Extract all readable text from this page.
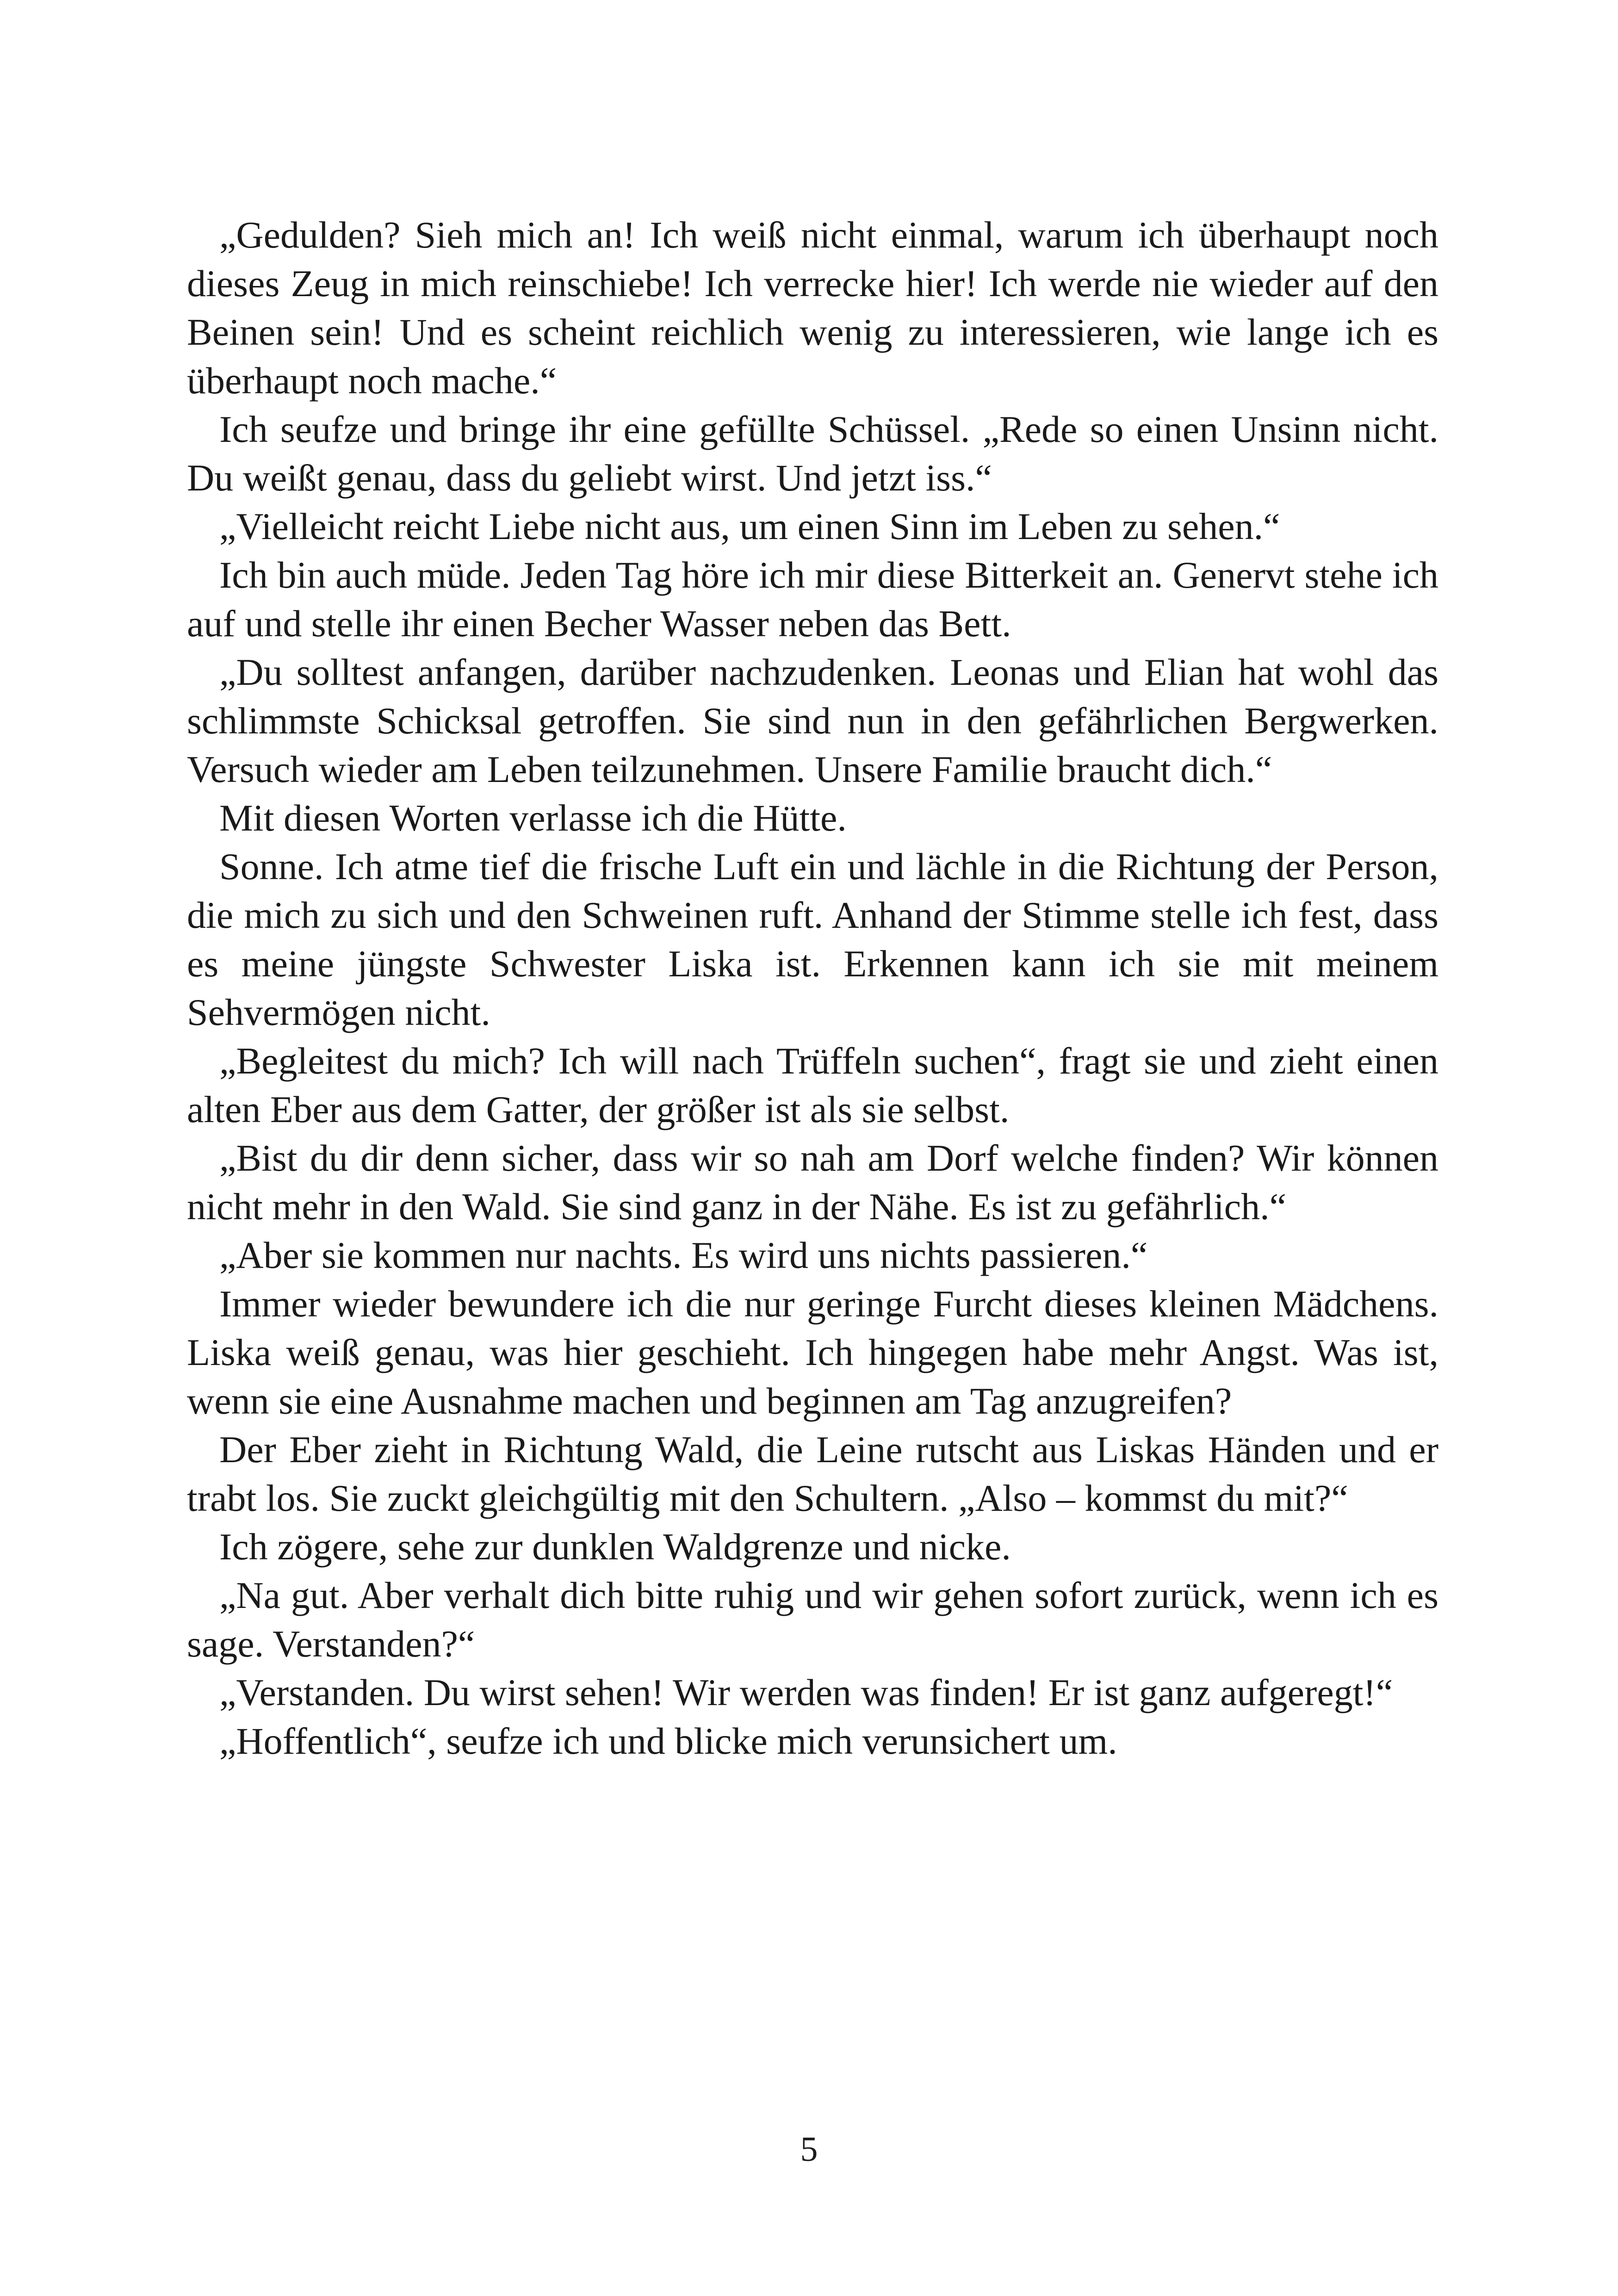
„Gedulden? Sieh mich an! Ich weiß nicht einmal, warum ich überhaupt noch dieses Zeug in mich reinschiebe! Ich verrecke hier! Ich werde nie wieder auf den Beinen sein! Und es scheint reichlich wenig zu interessieren, wie lange ich es überhaupt noch mache.“

Ich seufze und bringe ihr eine gefüllte Schüssel. „Rede so einen Unsinn nicht. Du weißt genau, dass du geliebt wirst. Und jetzt iss.“

„Vielleicht reicht Liebe nicht aus, um einen Sinn im Leben zu sehen.“

Ich bin auch müde. Jeden Tag höre ich mir diese Bitterkeit an. Genervt stehe ich auf und stelle ihr einen Becher Wasser neben das Bett.

„Du solltest anfangen, darüber nachzudenken. Leonas und Elian hat wohl das schlimmste Schicksal getroffen. Sie sind nun in den gefährlichen Bergwerken. Versuch wieder am Leben teilzunehmen. Unsere Familie braucht dich.“

Mit diesen Worten verlasse ich die Hütte.

Sonne. Ich atme tief die frische Luft ein und lächle in die Richtung der Person, die mich zu sich und den Schweinen ruft. Anhand der Stimme stelle ich fest, dass es meine jüngste Schwester Liska ist. Erkennen kann ich sie mit meinem Sehvermögen nicht.

„Begleitest du mich? Ich will nach Trüffeln suchen“, fragt sie und zieht einen alten Eber aus dem Gatter, der größer ist als sie selbst.

„Bist du dir denn sicher, dass wir so nah am Dorf welche finden? Wir können nicht mehr in den Wald. Sie sind ganz in der Nähe. Es ist zu gefährlich.“

„Aber sie kommen nur nachts. Es wird uns nichts passieren.“

Immer wieder bewundere ich die nur geringe Furcht dieses kleinen Mädchens. Liska weiß genau, was hier geschieht. Ich hingegen habe mehr Angst. Was ist, wenn sie eine Ausnahme machen und beginnen am Tag anzugreifen?

Der Eber zieht in Richtung Wald, die Leine rutscht aus Liskas Händen und er trabt los. Sie zuckt gleichgültig mit den Schultern. „Also – kommst du mit?“

Ich zögere, sehe zur dunklen Waldgrenze und nicke.

„Na gut. Aber verhalt dich bitte ruhig und wir gehen sofort zurück, wenn ich es sage. Verstanden?“

„Verstanden. Du wirst sehen! Wir werden was finden! Er ist ganz aufgeregt!“

„Hoffentlich“, seufze ich und blicke mich verunsichert um.

5
